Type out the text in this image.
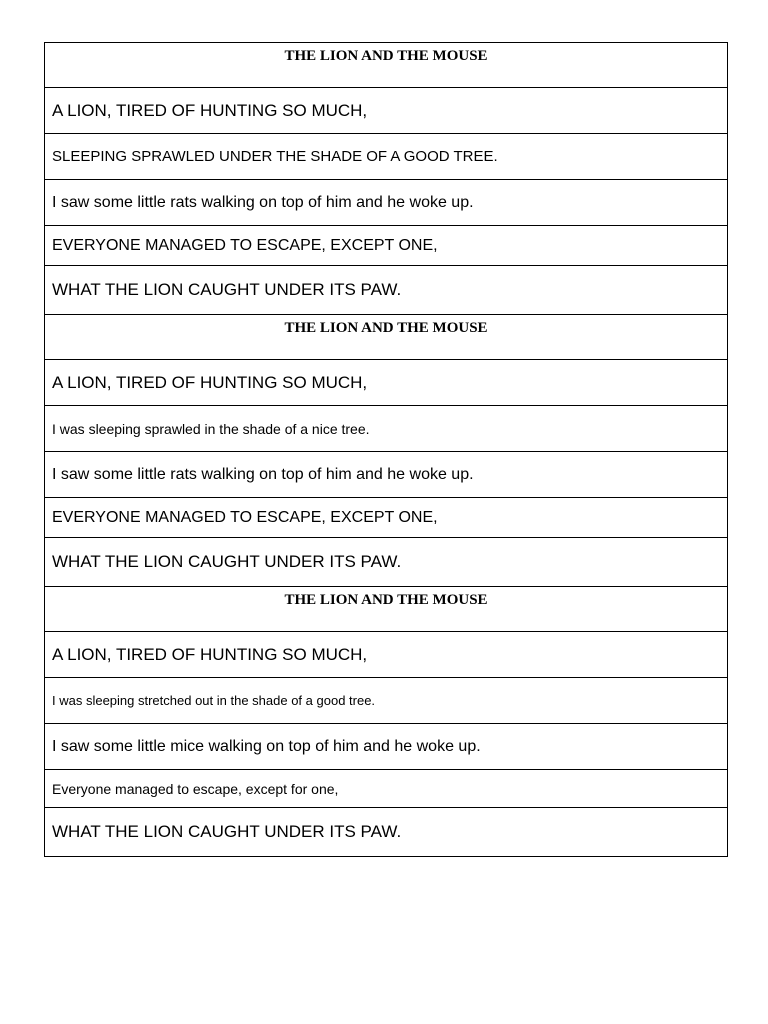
THE LION AND THE MOUSE
A LION, TIRED OF HUNTING SO MUCH,
SLEEPING SPRAWLED UNDER THE SHADE OF A GOOD TREE.
I saw some little rats walking on top of him and he woke up.
EVERYONE MANAGED TO ESCAPE, EXCEPT ONE,
WHAT THE LION CAUGHT UNDER ITS PAW.
THE LION AND THE MOUSE
A LION, TIRED OF HUNTING SO MUCH,
I was sleeping sprawled in the shade of a nice tree.
I saw some little rats walking on top of him and he woke up.
EVERYONE MANAGED TO ESCAPE, EXCEPT ONE,
WHAT THE LION CAUGHT UNDER ITS PAW.
THE LION AND THE MOUSE
A LION, TIRED OF HUNTING SO MUCH,
I was sleeping stretched out in the shade of a good tree.
I saw some little mice walking on top of him and he woke up.
Everyone managed to escape, except for one,
WHAT THE LION CAUGHT UNDER ITS PAW.
